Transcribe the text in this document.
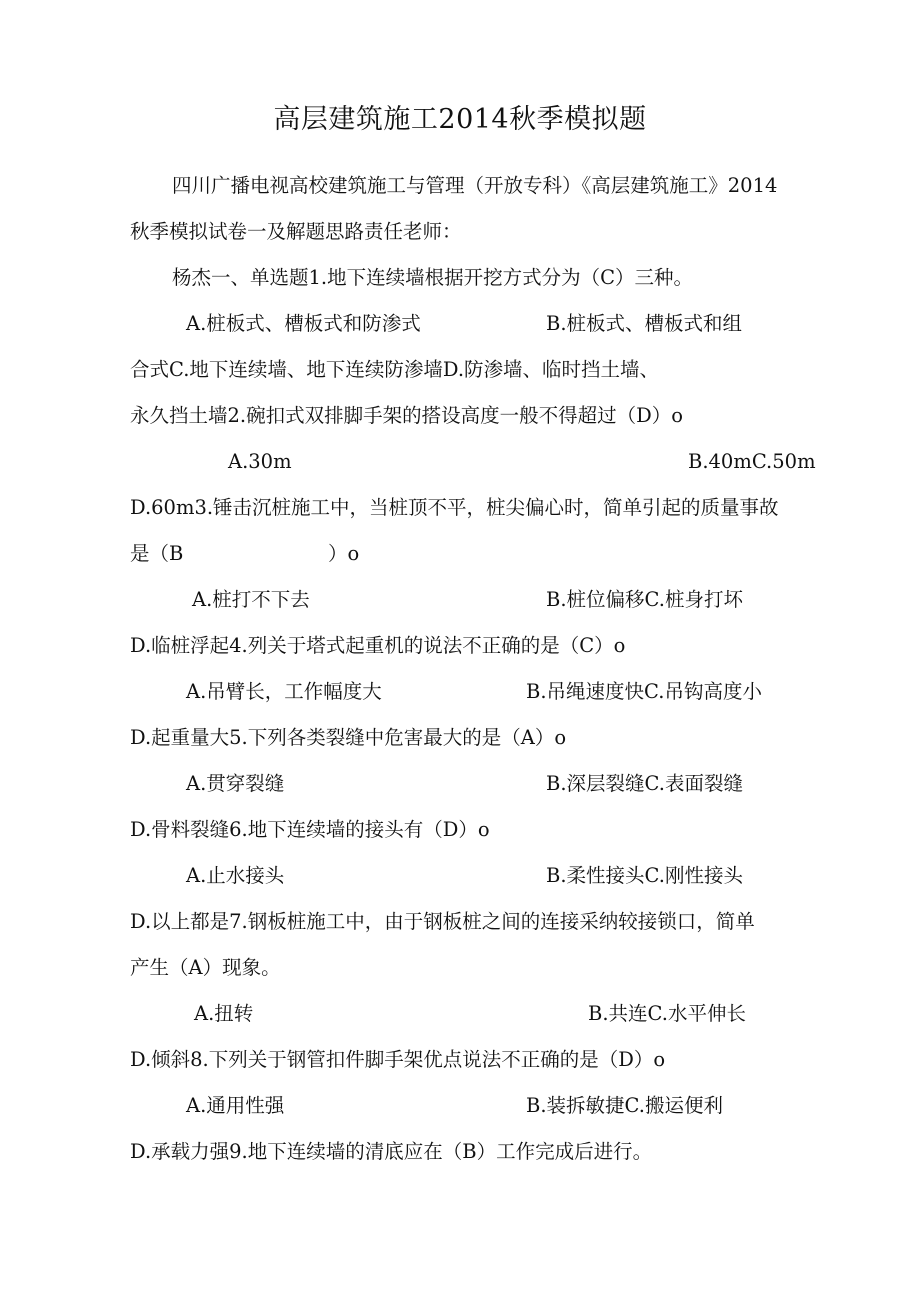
高层建筑施工2014秋季模拟题
四川广播电视高校建筑施工与管理（开放专科）《高层建筑施工》2014
秋季模拟试卷一及解题思路责任老师：
杨杰一、单选题1.地下连续墙根据开挖方式分为（C）三种。
A.桩板式、槽板式和防渗式	B.桩板式、槽板式和组
合式C.地下连续墙、地下连续防渗墙D.防渗墙、临时挡土墙、
永久挡土墙2.碗扣式双排脚手架的搭设高度一般不得超过（D）o
A.30m	B.40mC.50m
D.60m3.锤击沉桩施工中，当桩顶不平，桩尖偏心时，简单引起的质量事故
是（B	）o
A.桩打不下去	B.桩位偏移C.桩身打坏
D.临桩浮起4.列关于塔式起重机的说法不正确的是（C）o
A.吊臂长，工作幅度大	B.吊绳速度快C.吊钩高度小
D.起重量大5.下列各类裂缝中危害最大的是（A）o
A.贯穿裂缝	B.深层裂缝C.表面裂缝
D.骨料裂缝6.地下连续墙的接头有（D）o
A.止水接头	B.柔性接头C.刚性接头
D.以上都是7.钢板桩施工中，由于钢板桩之间的连接采纳较接锁口，简单
产生（A）现象。
A.扭转	B.共连C.水平伸长
D.倾斜8.下列关于钢管扣件脚手架优点说法不正确的是（D）o
A.通用性强	B.装拆敏捷C.搬运便利
D.承载力强9.地下连续墙的清底应在（B）工作完成后进行。
